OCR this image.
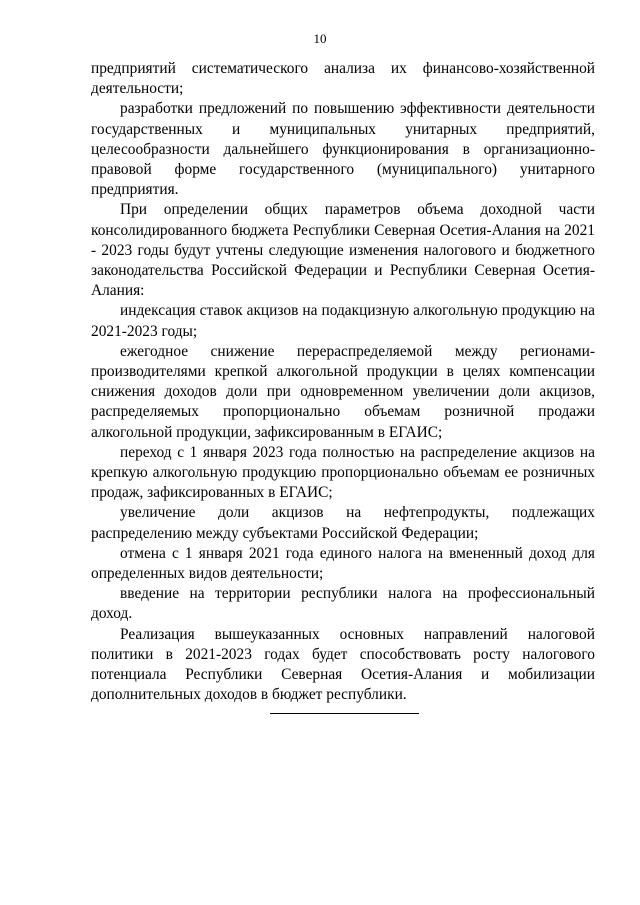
10

предприятий систематического анализа их финансово-хозяйственной деятельности;

разработки предложений по повышению эффективности деятельности государственных и муниципальных унитарных предприятий, целесообразности дальнейшего функционирования в организационно-правовой форме государственного (муниципального) унитарного предприятия.

При определении общих параметров объема доходной части консолидированного бюджета Республики Северная Осетия-Алания на 2021 - 2023 годы будут учтены следующие изменения налогового и бюджетного законодательства Российской Федерации и Республики Северная Осетия-Алания:

индексация ставок акцизов на подакцизную алкогольную продукцию на 2021-2023 годы;

ежегодное снижение перераспределяемой между регионами-производителями крепкой алкогольной продукции в целях компенсации снижения доходов доли при одновременном увеличении доли акцизов, распределяемых пропорционально объемам розничной продажи алкогольной продукции, зафиксированным в ЕГАИС;

переход с 1 января 2023 года полностью на распределение акцизов на крепкую алкогольную продукцию пропорционально объемам ее розничных продаж, зафиксированных в ЕГАИС;

увеличение доли акцизов на нефтепродукты, подлежащих распределению между субъектами Российской Федерации;

отмена с 1 января 2021 года единого налога на вмененный доход для определенных видов деятельности;

введение на территории республики налога на профессиональный доход.

Реализация вышеуказанных основных направлений налоговой политики в 2021-2023 годах будет способствовать росту налогового потенциала Республики Северная Осетия-Алания и мобилизации дополнительных доходов в бюджет республики.
